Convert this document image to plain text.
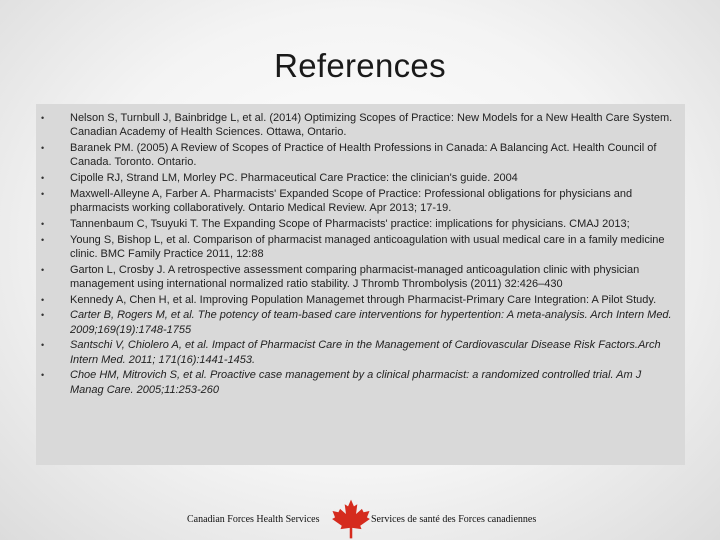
References
• Nelson S, Turnbull J, Bainbridge L, et al. (2014) Optimizing Scopes of Practice: New Models for a New Health Care System. Canadian Academy of Health Sciences. Ottawa, Ontario.
• Baranek PM. (2005) A Review of Scopes of Practice of Health Professions in Canada: A Balancing Act. Health Council of Canada. Toronto. Ontario.
• Cipolle RJ, Strand LM, Morley PC. Pharmaceutical Care Practice: the clinician's guide. 2004
• Maxwell-Alleyne A, Farber A. Pharmacists' Expanded Scope of Practice: Professional obligations for physicians and pharmacists working collaboratively. Ontario Medical Review. Apr 2013; 17-19.
• Tannenbaum C, Tsuyuki T. The Expanding Scope of Pharmacists' practice: implications for physicians. CMAJ 2013;
• Young S, Bishop L, et al. Comparison of pharmacist managed anticoagulation with usual medical care in a family medicine clinic. BMC Family Practice 2011, 12:88
• Garton L, Crosby J. A retrospective assessment comparing pharmacist-managed anticoagulation clinic with physician management using international normalized ratio stability. J Thromb Thrombolysis (2011) 32:426–430
• Kennedy A, Chen H, et al. Improving Population Managemet through Pharmacist-Primary Care Integration: A Pilot Study.
• Carter B, Rogers M, et al. The potency of team-based care interventions for hypertention: A meta-analysis. Arch Intern Med. 2009;169(19):1748-1755
• Santschi V, Chiolero A, et al. Impact of Pharmacist Care in the Management of Cardiovascular Disease Risk Factors.Arch Intern Med. 2011; 171(16):1441-1453.
• Choe HM, Mitrovich S, et al. Proactive case management by a clinical pharmacist: a randomized controlled trial. Am J Manag Care. 2005;11:253-260
Canadian Forces Health Services	Services de santé des Forces canadiennes
